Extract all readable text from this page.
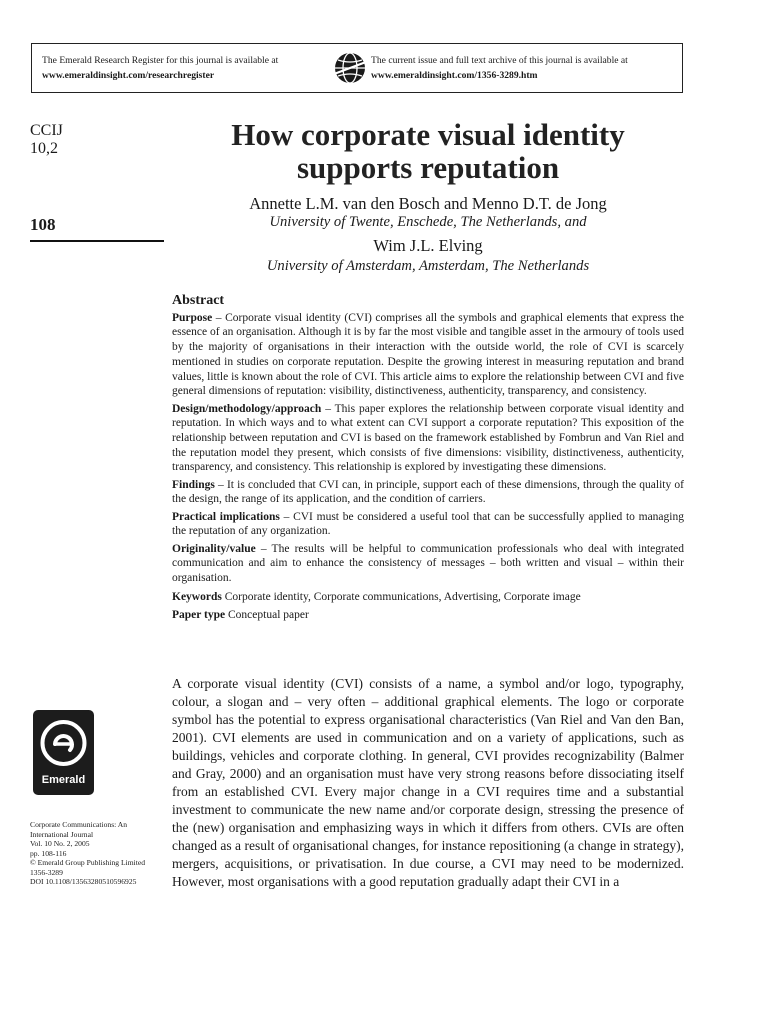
The Emerald Research Register for this journal is available at
www.emeraldinsight.com/researchregister
The current issue and full text archive of this journal is available at
www.emeraldinsight.com/1356-3289.htm
CCIJ
10,2
108
How corporate visual identity supports reputation
Annette L.M. van den Bosch and Menno D.T. de Jong
University of Twente, Enschede, The Netherlands, and
Wim J.L. Elving
University of Amsterdam, Amsterdam, The Netherlands
Abstract

Purpose – Corporate visual identity (CVI) comprises all the symbols and graphical elements that express the essence of an organisation. Although it is by far the most visible and tangible asset in the armoury of tools used by the majority of organisations in their interaction with the outside world, the role of CVI is scarcely mentioned in studies on corporate reputation. Despite the growing interest in measuring reputation and brand values, little is known about the role of CVI. This article aims to explore the relationship between CVI and five general dimensions of reputation: visibility, distinctiveness, authenticity, transparency, and consistency.

Design/methodology/approach – This paper explores the relationship between corporate visual identity and reputation. In which ways and to what extent can CVI support a corporate reputation? This exposition of the relationship between reputation and CVI is based on the framework established by Fombrun and Van Riel and the reputation model they present, which consists of five dimensions: visibility, distinctiveness, authenticity, transparency, and consistency. This relationship is explored by investigating these dimensions.

Findings – It is concluded that CVI can, in principle, support each of these dimensions, through the quality of the design, the range of its application, and the condition of carriers.

Practical implications – CVI must be considered a useful tool that can be successfully applied to managing the reputation of any organization.

Originality/value – The results will be helpful to communication professionals who deal with integrated communication and aim to enhance the consistency of messages – both written and visual – within their organisation.

Keywords Corporate identity, Corporate communications, Advertising, Corporate image

Paper type Conceptual paper

A corporate visual identity (CVI) consists of a name, a symbol and/or logo, typography, colour, a slogan and – very often – additional graphical elements. The logo or corporate symbol has the potential to express organisational characteristics (Van Riel and Van den Ban, 2001). CVI elements are used in communication and on a variety of applications, such as buildings, vehicles and corporate clothing. In general, CVI provides recognizability (Balmer and Gray, 2000) and an organisation must have very strong reasons before dissociating itself from an established CVI. Every major change in a CVI requires time and a substantial investment to communicate the new name and/or corporate design, stressing the presence of the (new) organisation and emphasizing ways in which it differs from others. CVIs are often changed as a result of organisational changes, for instance repositioning (a change in strategy), mergers, acquisitions, or privatisation. In due course, a CVI may need to be modernized. However, most organisations with a good reputation gradually adapt their CVI in a

Emerald
Corporate Communications: An
International Journal
Vol. 10 No. 2, 2005
pp. 108-116
© Emerald Group Publishing Limited
1356-3289
DOI 10.1108/13563280510596925
